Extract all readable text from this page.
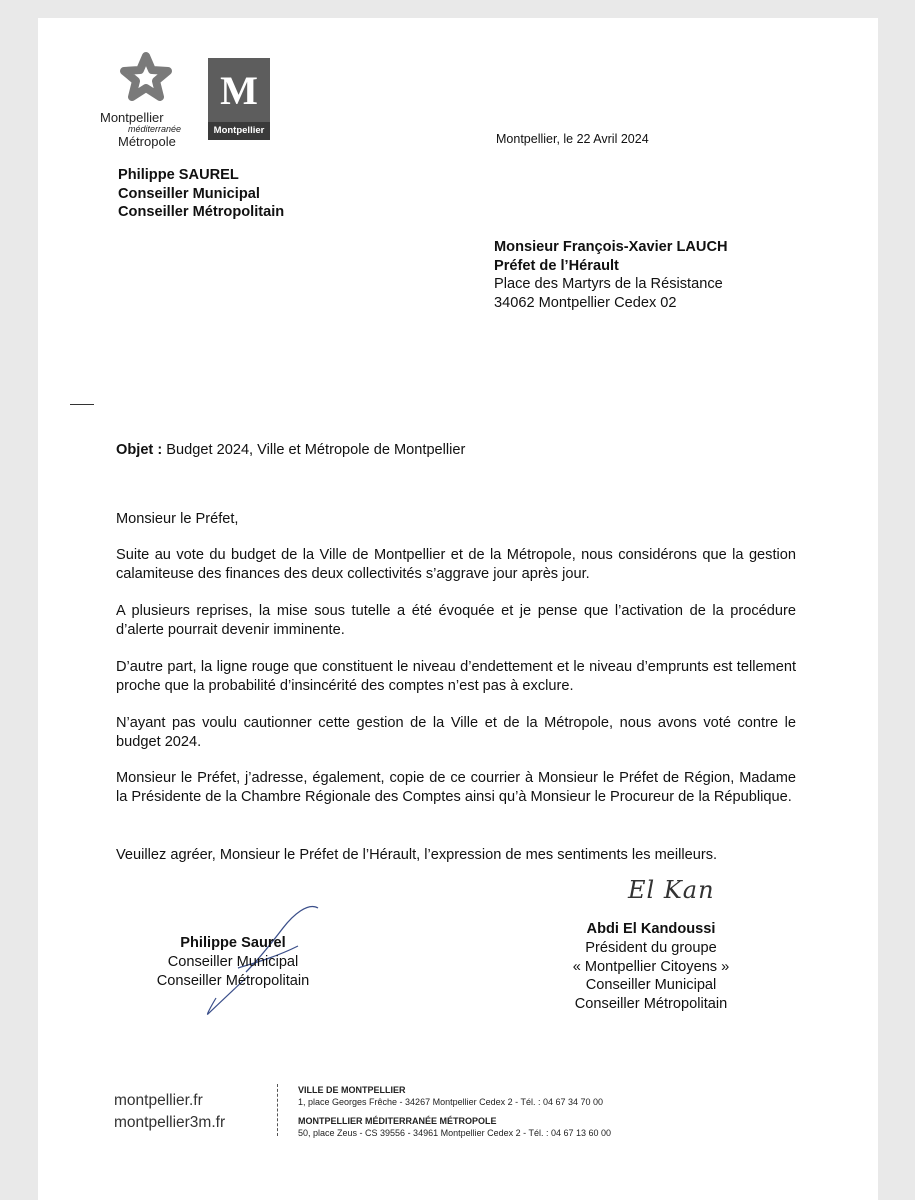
Montpellier
méditerranée
Métropole
M
Montpellier
Montpellier, le 22 Avril 2024
Philippe SAUREL
Conseiller Municipal
Conseiller Métropolitain
Monsieur François-Xavier LAUCH
Préfet de l’Hérault
Place des Martyrs de la Résistance
34062 Montpellier Cedex 02
Objet : Budget 2024, Ville et Métropole de Montpellier
Monsieur le Préfet,
Suite au vote du budget de la Ville de Montpellier et de la Métropole, nous considérons que la gestion calamiteuse des finances des deux collectivités s’aggrave jour après jour.
A plusieurs reprises, la mise sous tutelle a été évoquée et je pense que l’activation de la procédure d’alerte pourrait devenir imminente.
D’autre part, la ligne rouge que constituent le niveau d’endettement et le niveau d’emprunts est tellement proche que la probabilité d’insincérité des comptes n’est pas à exclure.
N’ayant pas voulu cautionner cette gestion de la Ville et de la Métropole, nous avons voté contre le budget 2024.
Monsieur le Préfet, j’adresse, également, copie de ce courrier à Monsieur le Préfet de Région, Madame la Présidente de la Chambre Régionale des Comptes ainsi qu’à Monsieur le Procureur de la République.
Veuillez agréer, Monsieur le Préfet de l’Hérault, l’expression de mes sentiments les meilleurs.
Philippe Saurel
Conseiller Municipal
Conseiller Métropolitain
El Kan
Abdi El Kandoussi
Président du groupe
« Montpellier Citoyens »
Conseiller Municipal
Conseiller Métropolitain
montpellier.fr
montpellier3m.fr
VILLE DE MONTPELLIER
1, place Georges Frêche - 34267 Montpellier Cedex 2 - Tél. : 04 67 34 70 00
MONTPELLIER MÉDITERRANÉE MÉTROPOLE
50, place Zeus - CS 39556 - 34961 Montpellier Cedex 2 - Tél. : 04 67 13 60 00
